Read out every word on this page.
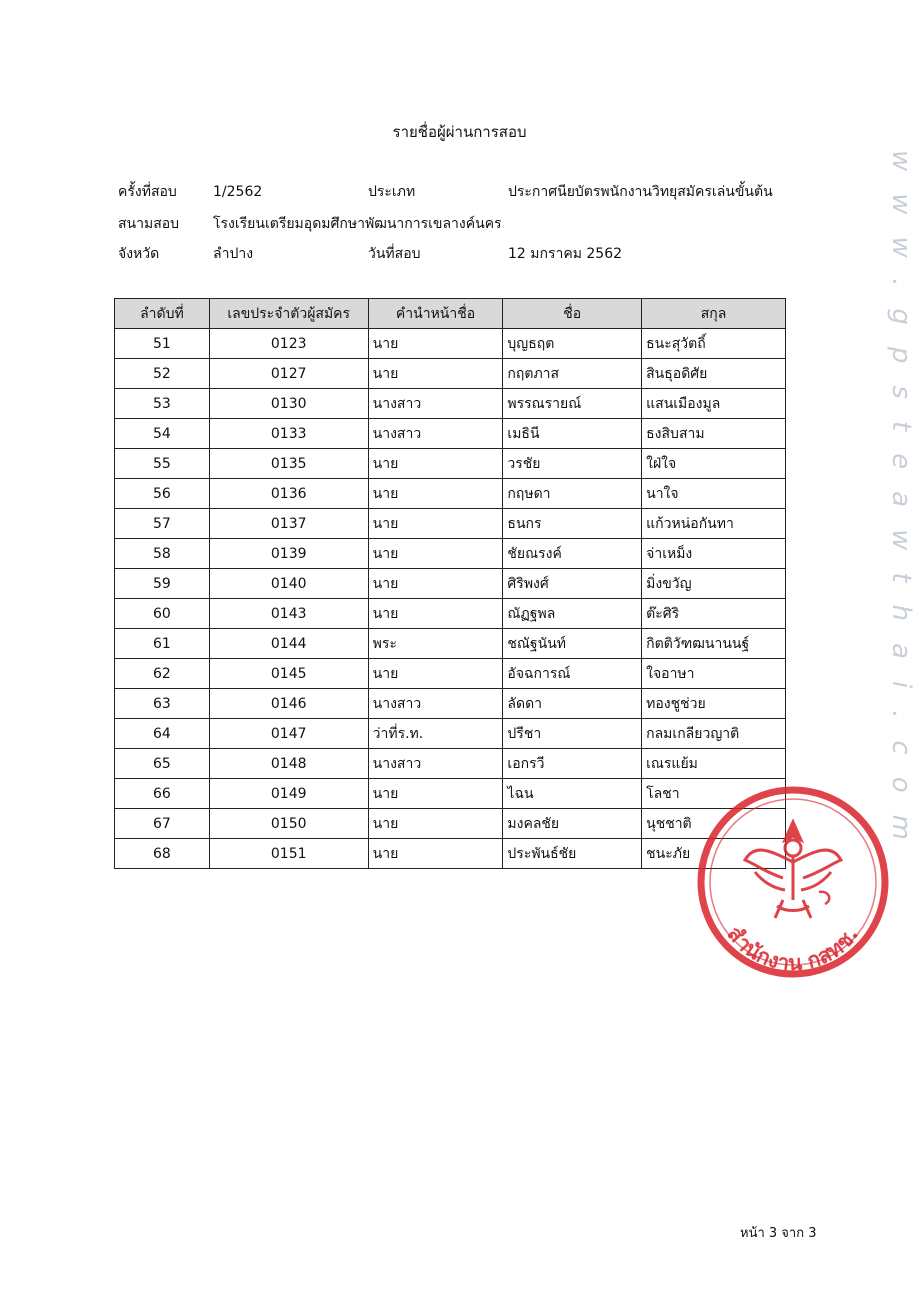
รายชื่อผู้ผ่านการสอบ
ครั้งที่สอบ	1/2562	ประเภท	ประกาศนียบัตรพนักงานวิทยุสมัครเล่นขั้นต้น
สนามสอบ โรงเรียนเตรียมอุดมศึกษาพัฒนาการเขลางค์นคร
จังหวัด	ลำปาง	วันที่สอบ	12 มกราคม 2562
ลำดับที่	เลขประจำตัวผู้สมัคร	คำนำหน้าชื่อ	ชื่อ	สกุล
51	0123	นาย	บุญธฤต	ธนะสุวัตถิ์
52	0127	นาย	กฤตภาส	สินธุอดิศัย
53	0130	นางสาว	พรรณรายณ์	แสนเมืองมูล
54	0133	นางสาว	เมธินี	ธงสิบสาม
55	0135	นาย	วรชัย	ใฝ่ใจ
56	0136	นาย	กฤษดา	นาใจ
57	0137	นาย	ธนกร	แก้วหน่อกันทา
58	0139	นาย	ชัยณรงค์	จ่าเหม็ง
59	0140	นาย	ศิริพงศ์	มิ่งขวัญ
60	0143	นาย	ณัฏฐพล	ต๊ะศิริ
61	0144	พระ	ชณัฐนันท์	กิตติวัฑฒนานนฐ์
62	0145	นาย	อัจฉการณ์	ใจอาษา
63	0146	นางสาว	ลัดดา	ทองชูช่วย
64	0147	ว่าที่ร.ท.	ปรีชา	กลมเกลียวญาติ
65	0148	นางสาว	เอกรวี	เณรแย้ม
66	0149	นาย	ไฉน	โลชา
67	0150	นาย	มงคลชัย	นุชชาติ
68	0151	นาย	ประพันธ์ชัย	ชนะภัย	www.gpsteawthai.com
สำนักงาน กสทช.
หน้า 3 จาก 3
